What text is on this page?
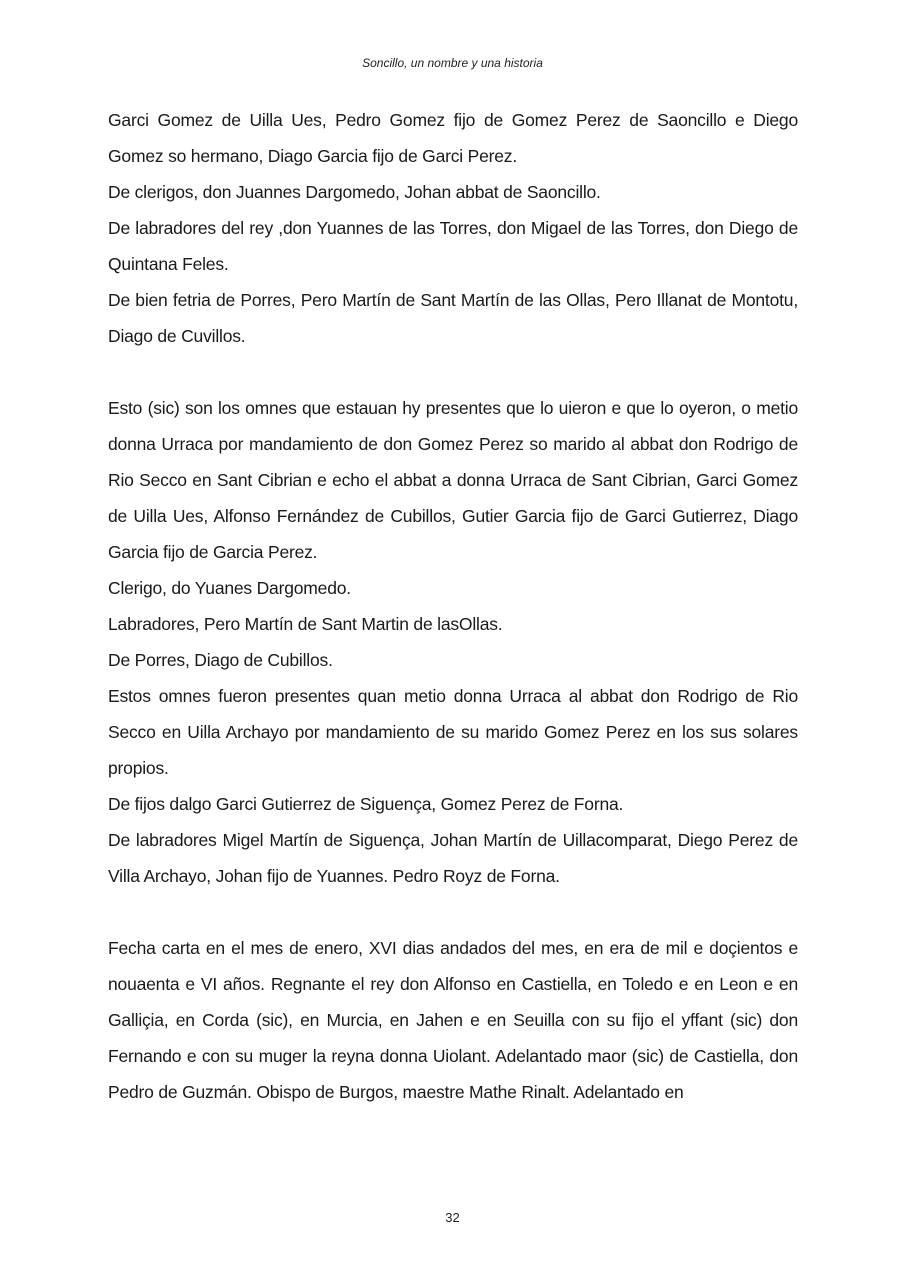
Soncillo, un nombre y una historia

Garci Gomez de Uilla Ues, Pedro Gomez fijo de Gomez Perez de Saoncillo e Diego Gomez so hermano, Diago Garcia fijo de Garci Perez.

De clerigos, don Juannes Dargomedo, Johan abbat de Saoncillo.

De labradores del rey ,don Yuannes de las Torres, don Migael de las Torres, don Diego de Quintana Feles.

De bien fetria de Porres, Pero Martín de Sant Martín de las Ollas, Pero Illanat de Montotu, Diago de Cuvillos.

Esto (sic) son los omnes que estauan hy presentes que lo uieron e que lo oyeron, o metio donna Urraca por mandamiento de don Gomez Perez so marido al abbat don Rodrigo de Rio Secco en Sant Cibrian e echo el abbat a donna Urraca de Sant Cibrian, Garci Gomez de Uilla Ues, Alfonso Fernández de Cubillos, Gutier Garcia fijo de Garci Gutierrez, Diago Garcia fijo de Garcia Perez.

Clerigo, do Yuanes Dargomedo.

Labradores, Pero Martín de Sant Martin de lasOllas.

De Porres, Diago de Cubillos.

Estos omnes fueron presentes quan metio donna Urraca al abbat don Rodrigo de Rio Secco en Uilla Archayo por mandamiento de su marido Gomez Perez en los sus solares propios.

De fijos dalgo Garci Gutierrez de Siguença, Gomez Perez de Forna.

De labradores Migel Martín de Siguença, Johan Martín de Uillacomparat, Diego Perez de Villa Archayo, Johan fijo de Yuannes. Pedro Royz de Forna.

Fecha carta en el mes de enero, XVI dias andados del mes, en era de mil e doçientos e nouaenta e VI años. Regnante el rey don Alfonso en Castiella, en Toledo e en Leon e en Galliçia, en Corda (sic), en Murcia, en Jahen e en Seuilla con su fijo el yffant (sic) don Fernando e con su muger la reyna donna Uiolant. Adelantado maor (sic) de Castiella, don Pedro de Guzmán. Obispo de Burgos, maestre Mathe Rinalt. Adelantado en

32
